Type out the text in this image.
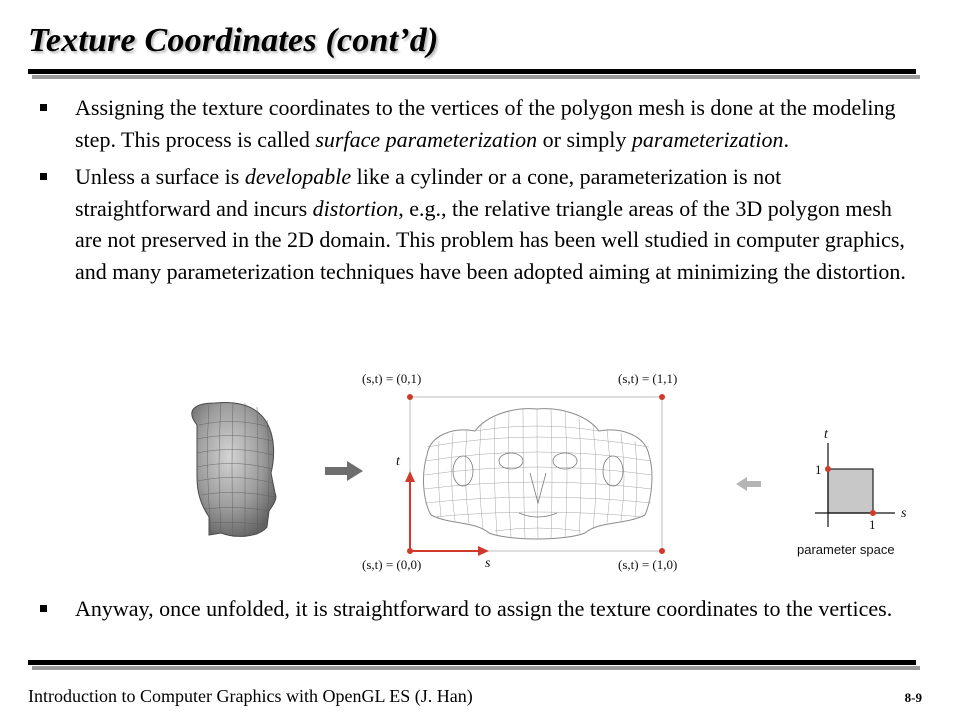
Texture Coordinates (cont’d)
Assigning the texture coordinates to the vertices of the polygon mesh is done at the modeling step. This process is called surface parameterization or simply parameterization.
Unless a surface is developable like a cylinder or a cone, parameterization is not straightforward and incurs distortion, e.g., the relative triangle areas of the 3D polygon mesh are not preserved in the 2D domain. This problem has been well studied in computer graphics, and many parameterization techniques have been adopted aiming at minimizing the distortion.
(s,t) = (0,1)	(s,t) = (1,1)
(s,t) = (0,0)	(s,t) = (1,0)
t
s
t
s
1
1
parameter space
Anyway, once unfolded, it is straightforward to assign the texture coordinates to the vertices.
Introduction to Computer Graphics with OpenGL ES (J. Han)	8-9
